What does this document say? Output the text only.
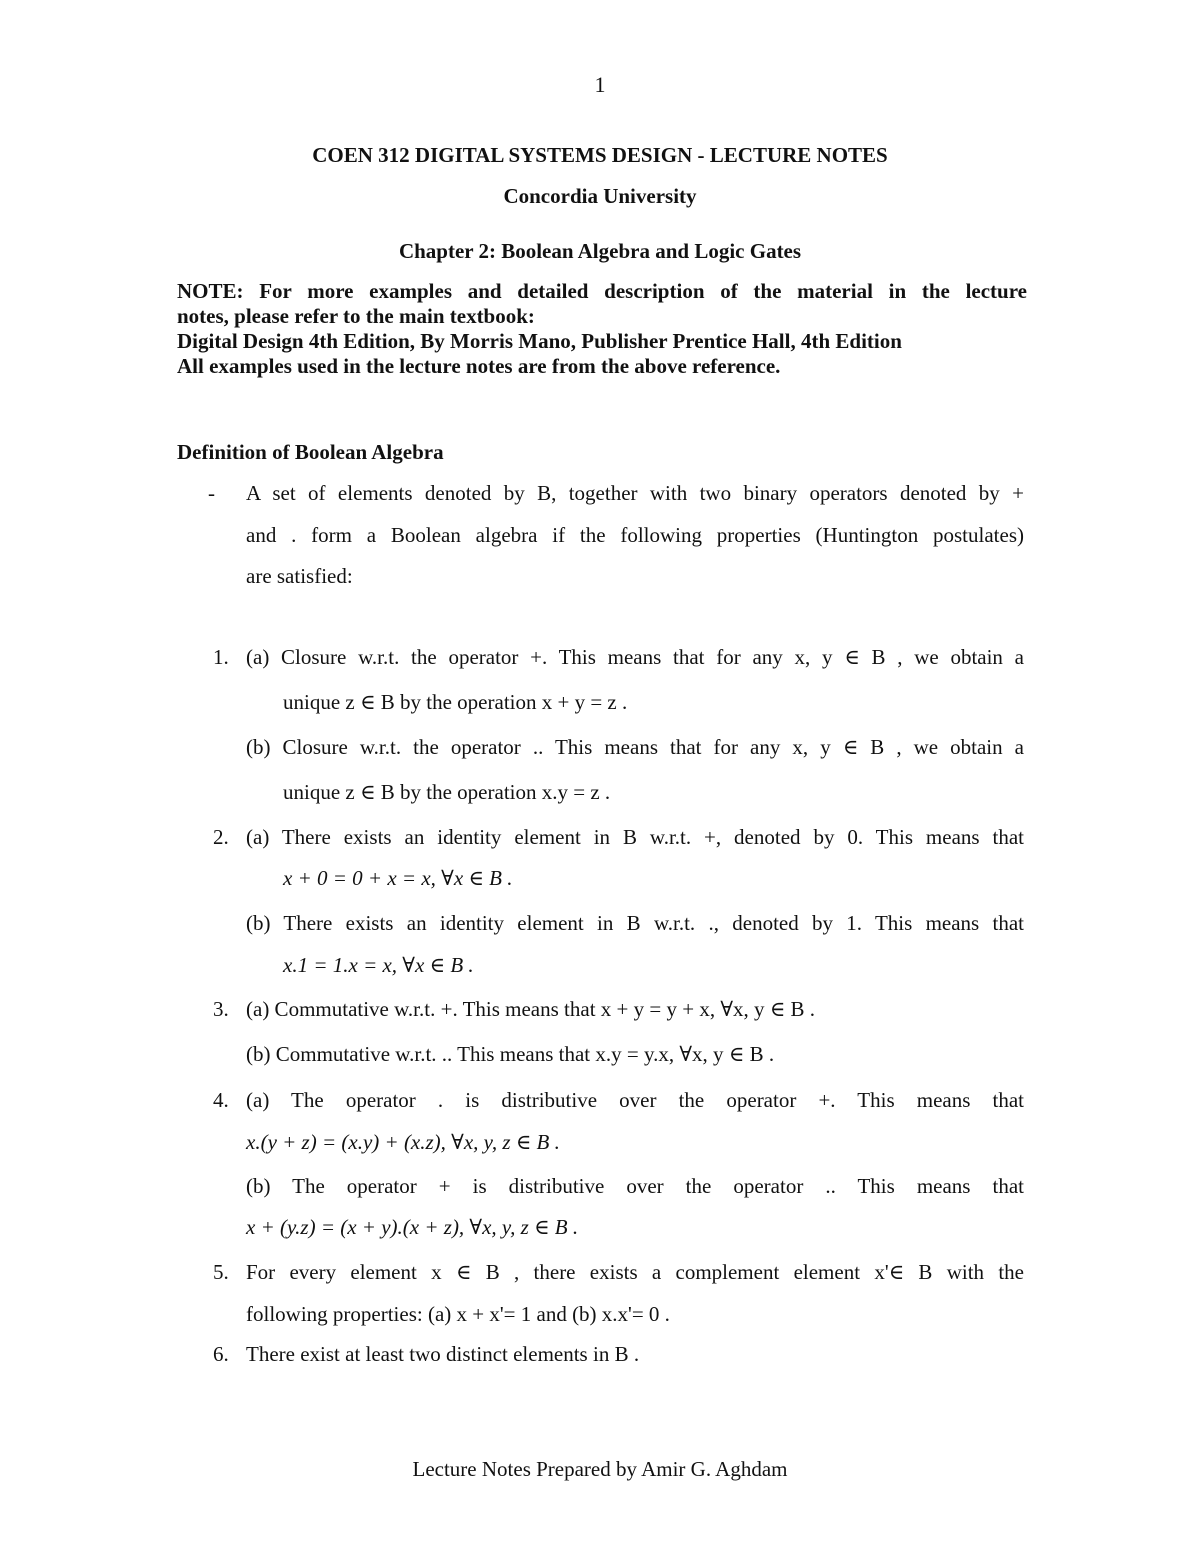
1
COEN 312 DIGITAL SYSTEMS DESIGN - LECTURE NOTES
Concordia University
Chapter 2: Boolean Algebra and Logic Gates
NOTE: For more examples and detailed description of the material in the lecture
notes, please refer to the main textbook:
Digital Design 4th Edition, By Morris Mano, Publisher Prentice Hall, 4th Edition
All examples used in the lecture notes are from the above reference.
Definition of Boolean Algebra
- A set of elements denoted by B, together with two binary operators denoted by +
and . form a Boolean algebra if the following properties (Huntington postulates)
are satisfied:
1. (a) Closure w.r.t. the operator +. This means that for any x, y ∈ B , we obtain a
unique z ∈ B by the operation x + y = z .
(b) Closure w.r.t. the operator .. This means that for any x, y ∈ B , we obtain a
unique z ∈ B by the operation x.y = z .
2. (a) There exists an identity element in B w.r.t. +, denoted by 0. This means that
x + 0 = 0 + x = x, ∀x ∈ B .
(b) There exists an identity element in B w.r.t. ., denoted by 1. This means that
x.1 = 1.x = x, ∀x ∈ B .
3. (a) Commutative w.r.t. +. This means that x + y = y + x, ∀x, y ∈ B .
(b) Commutative w.r.t. .. This means that x.y = y.x, ∀x, y ∈ B .
4. (a) The operator . is distributive over the operator +. This means that
x.(y + z) = (x.y) + (x.z), ∀x, y, z ∈ B .
(b) The operator + is distributive over the operator .. This means that
x + (y.z) = (x + y).(x + z), ∀x, y, z ∈ B .
5. For every element x ∈ B , there exists a complement element x'∈ B with the
following properties: (a) x + x'= 1 and (b) x.x'= 0 .
6. There exist at least two distinct elements in B .
Lecture Notes Prepared by Amir G. Aghdam
